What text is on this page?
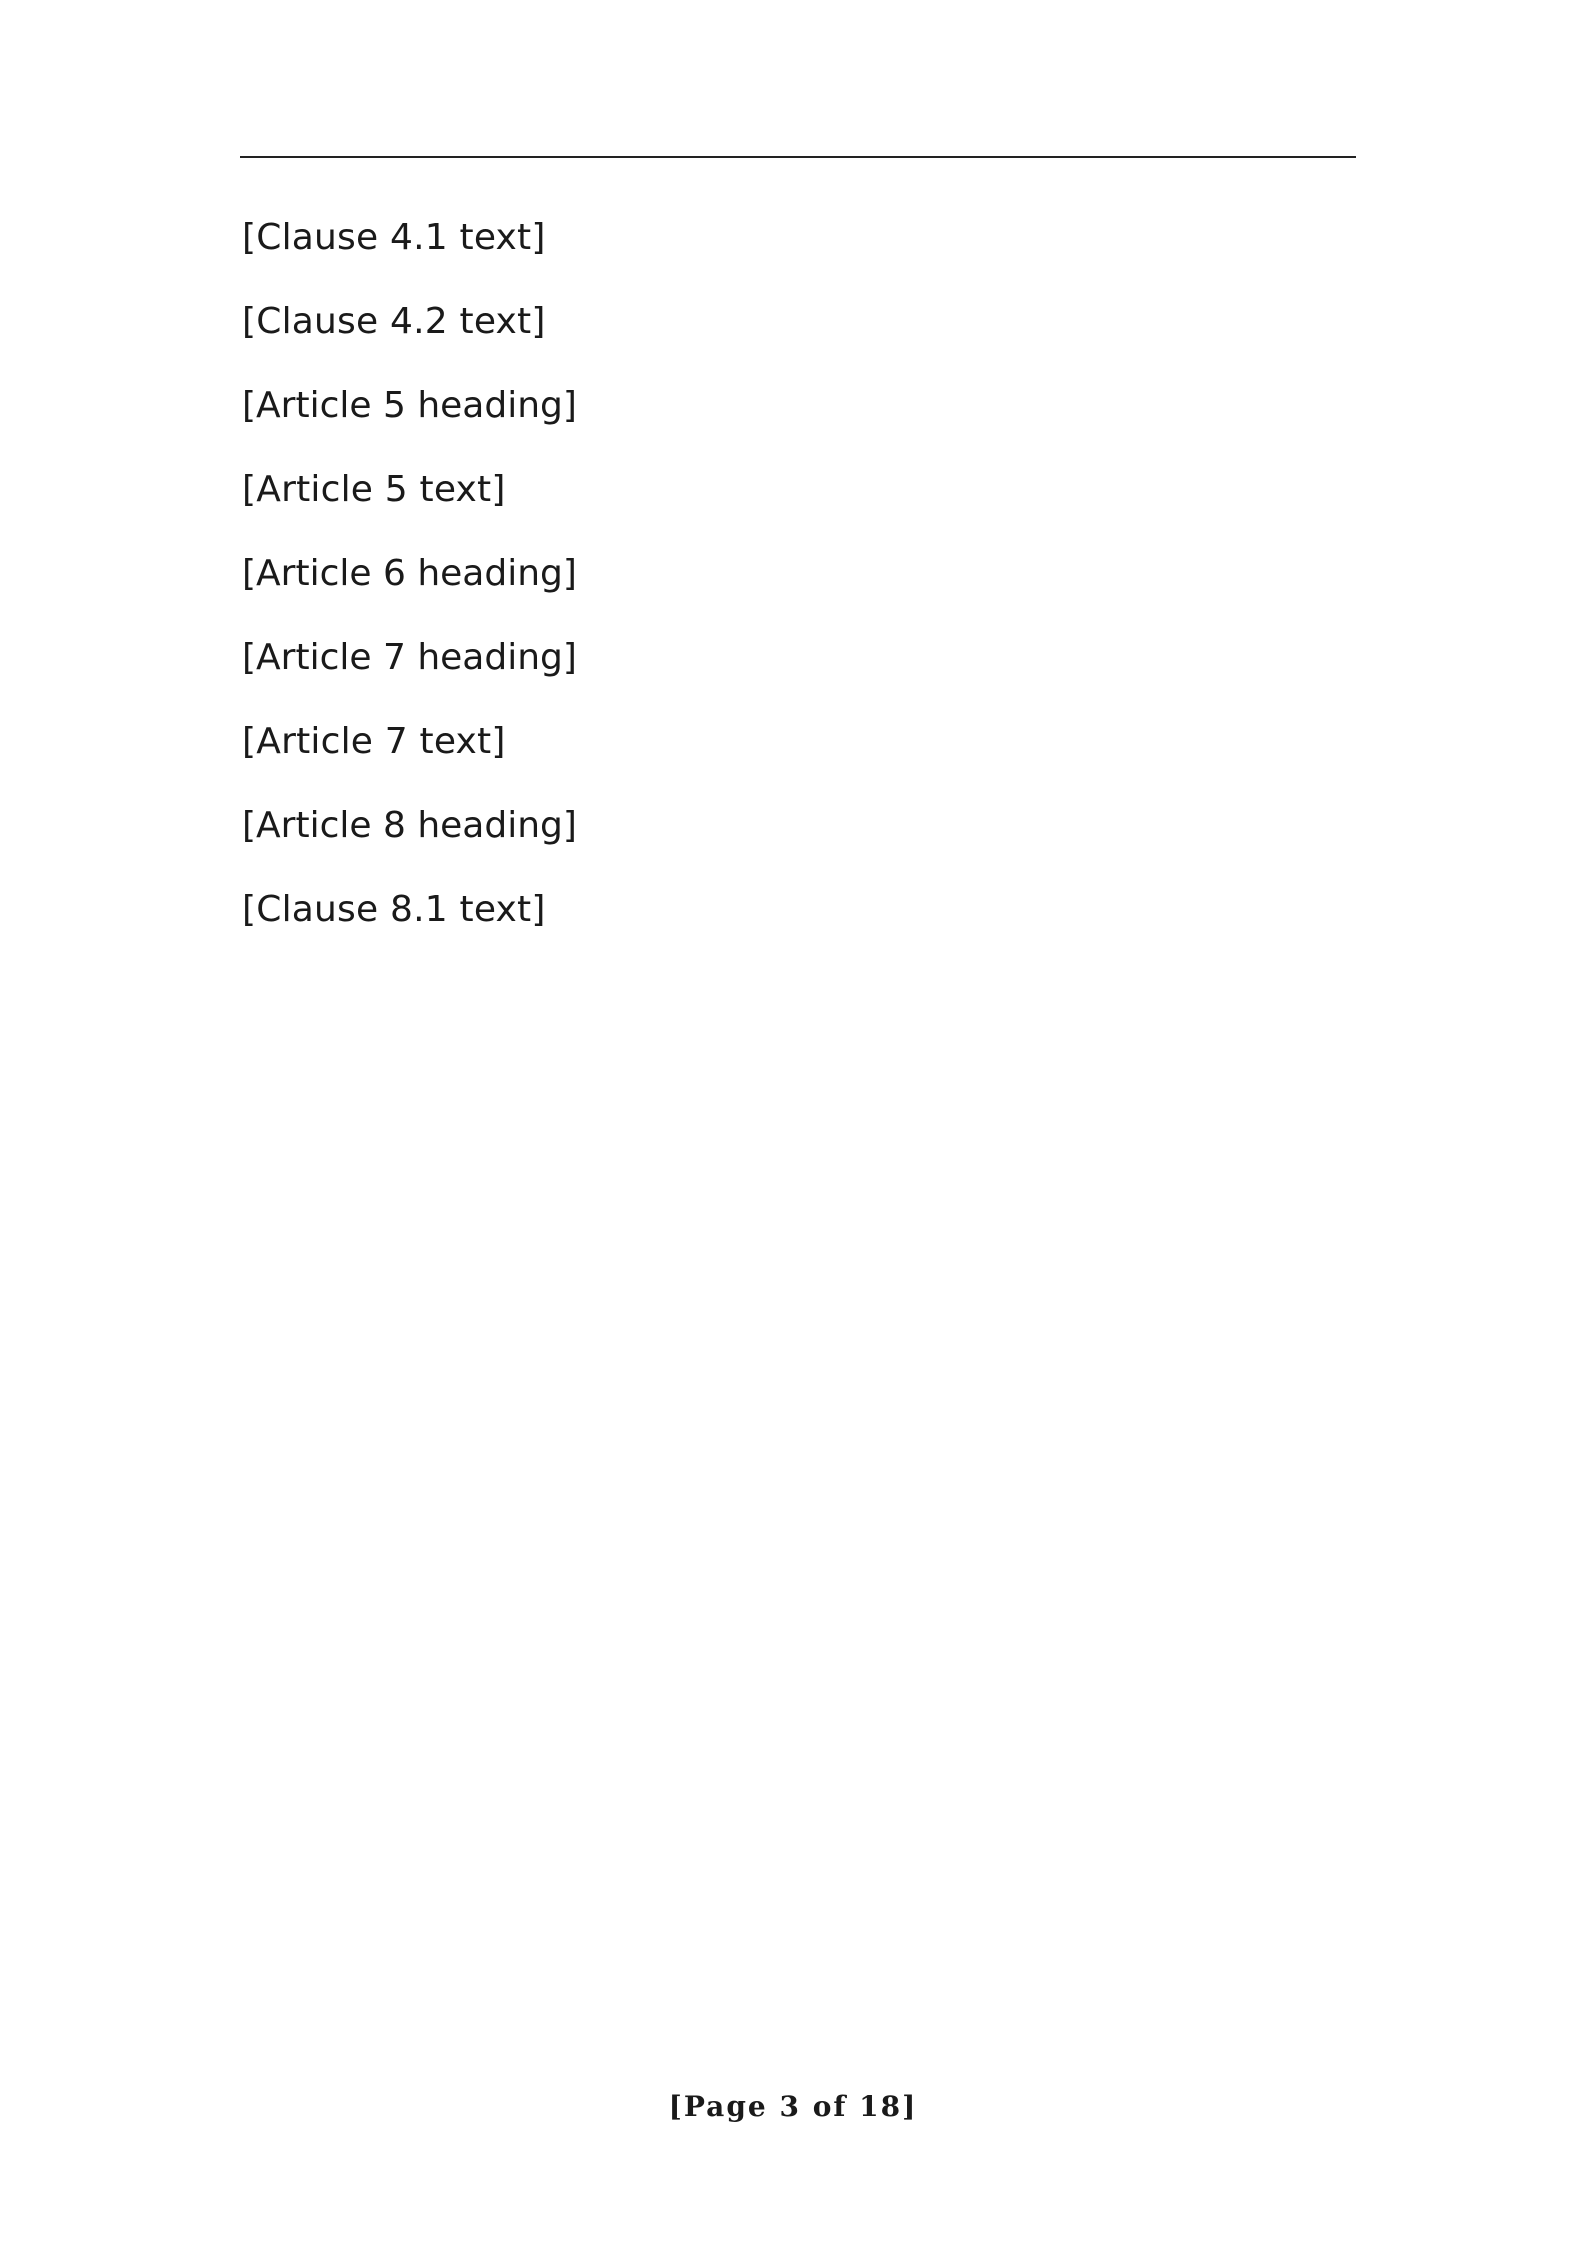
[Clause 4.1 text]

[Clause 4.2 text]

[Article 5 heading]

[Article 5 text]

[Article 6 heading]

[Article 7 heading]

[Article 7 text]

[Article 8 heading]

[Clause 8.1 text]

[Page 3 of 18]
